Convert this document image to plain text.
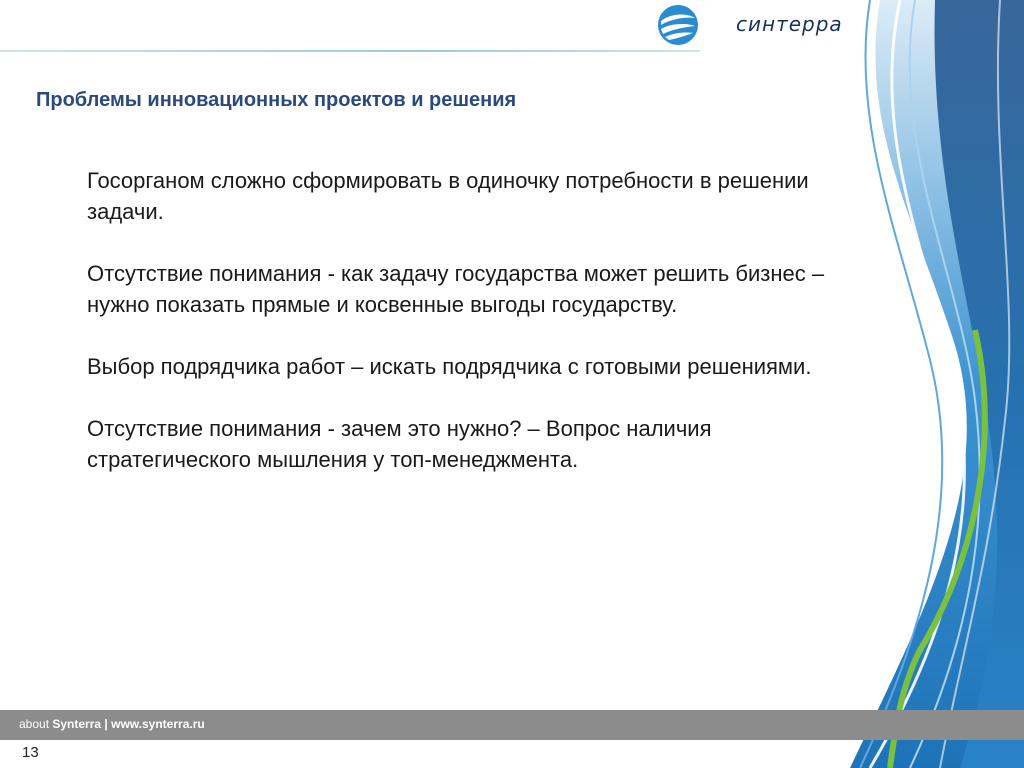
синтерра
Проблемы инновационных проектов и решения

Госорганом сложно сформировать в одиночку потребности в решении задачи.

Отсутствие понимания - как задачу государства может решить бизнес – нужно показать прямые и косвенные выгоды государству.

Выбор подрядчика работ – искать подрядчика с готовыми решениями.

Отсутствие понимания - зачем это нужно? – Вопрос наличия стратегического мышления у топ-менеджмента.

about Synterra | www.synterra.ru
13
